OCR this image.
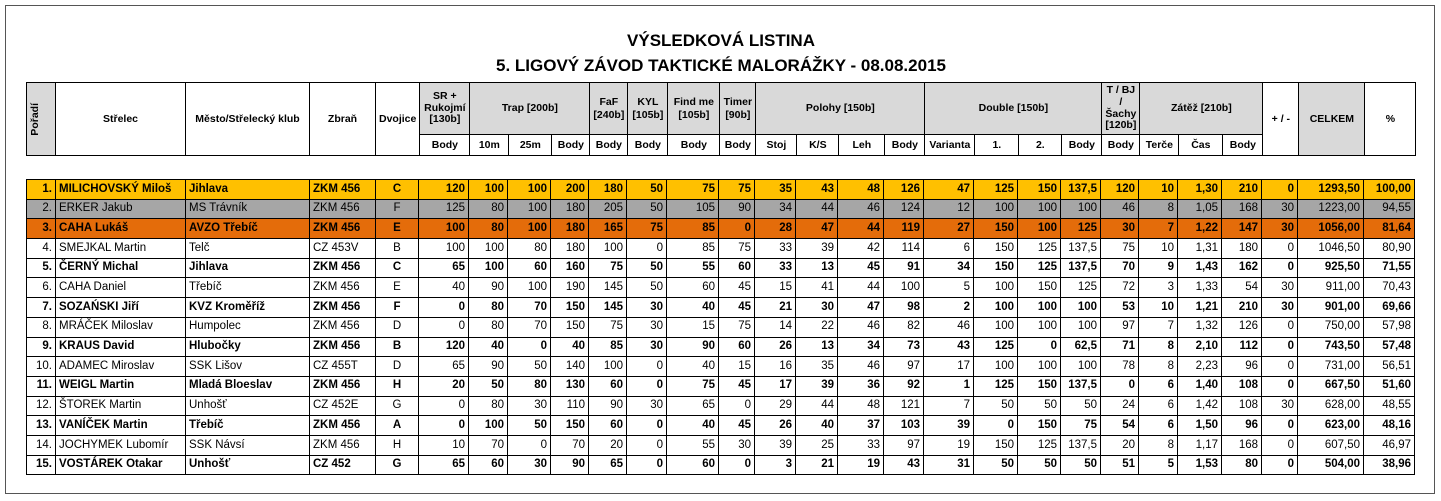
VÝSLEDKOVÁ LISTINA
5. LIGOVÝ ZÁVOD TAKTICKÉ MALORÁŽKY - 08.08.2015
Pořadí	Střelec	Město/Střelecký klub	Zbraň	Dvojice	SR + Rukojmí [130b]	Trap [200b]			FaF [240b]	KYL [105b]	Find me [105b]	Timer [90b]	Polohy [150b]				Double [150b]				T / BJ / Šachy [120b]	Zátěž [210b]			+ / -	CELKEM	%
					Body	10m	25m	Body	Body	Body	Body	Body	Stoj	K/S	Leh	Body	Varianta	1.	2.	Body	Body	Terče	Čas	Body			
1.	MILICHOVSKÝ Miloš	Jihlava	ZKM 456	C	120	100	100	200	180	50	75	75	35	43	48	126	47	125	150	137,5	120	10	1,30	210	0	1293,50	100,00
2.	ERKER Jakub	MS Trávník	ZKM 456	F	125	80	100	180	205	50	105	90	34	44	46	124	12	100	100	100	46	8	1,05	168	30	1223,00	94,55
3.	CAHA Lukáš	AVZO Třebíč	ZKM 456	E	100	80	100	180	165	75	85	0	28	47	44	119	27	150	100	125	30	7	1,22	147	30	1056,00	81,64
4.	SMEJKAL Martin	Telč	CZ 453V	B	100	100	80	180	100	0	85	75	33	39	42	114	6	150	125	137,5	75	10	1,31	180	0	1046,50	80,90
5.	ČERNÝ Michal	Jihlava	ZKM 456	C	65	100	60	160	75	50	55	60	33	13	45	91	34	150	125	137,5	70	9	1,43	162	0	925,50	71,55
6.	CAHA Daniel	Třebíč	ZKM 456	E	40	90	100	190	145	50	60	45	15	41	44	100	5	100	150	125	72	3	1,33	54	30	911,00	70,43
7.	SOZAŃSKI Jiří	KVZ Kroměříž	ZKM 456	F	0	80	70	150	145	30	40	45	21	30	47	98	2	100	100	100	53	10	1,21	210	30	901,00	69,66
8.	MRÁČEK Miloslav	Humpolec	ZKM 456	D	0	80	70	150	75	30	15	75	14	22	46	82	46	100	100	100	97	7	1,32	126	0	750,00	57,98
9.	KRAUS David	Hlubočky	ZKM 456	B	120	40	0	40	85	30	90	60	26	13	34	73	43	125	0	62,5	71	8	2,10	112	0	743,50	57,48
10.	ADAMEC Miroslav	SSK Lišov	CZ 455T	D	65	90	50	140	100	0	40	15	16	35	46	97	17	100	100	100	78	8	2,23	96	0	731,00	56,51
11.	WEIGL Martin	Mladá Bloeslav	ZKM 456	H	20	50	80	130	60	0	75	45	17	39	36	92	1	125	150	137,5	0	6	1,40	108	0	667,50	51,60
12.	ŠTOREK Martin	Unhošť	CZ 452E	G	0	80	30	110	90	30	65	0	29	44	48	121	7	50	50	50	24	6	1,42	108	30	628,00	48,55
13.	VANÍČEK Martin	Třebíč	ZKM 456	A	0	100	50	150	60	0	40	45	26	40	37	103	39	0	150	75	54	6	1,50	96	0	623,00	48,16
14.	JOCHYMEK Lubomír	SSK Návsí	ZKM 456	H	10	70	0	70	20	0	55	30	39	25	33	97	19	150	125	137,5	20	8	1,17	168	0	607,50	46,97
15.	VOSTÁREK Otakar	Unhošť	CZ 452	G	65	60	30	90	65	0	60	0	3	21	19	43	31	50	50	50	51	5	1,53	80	0	504,00	38,96
